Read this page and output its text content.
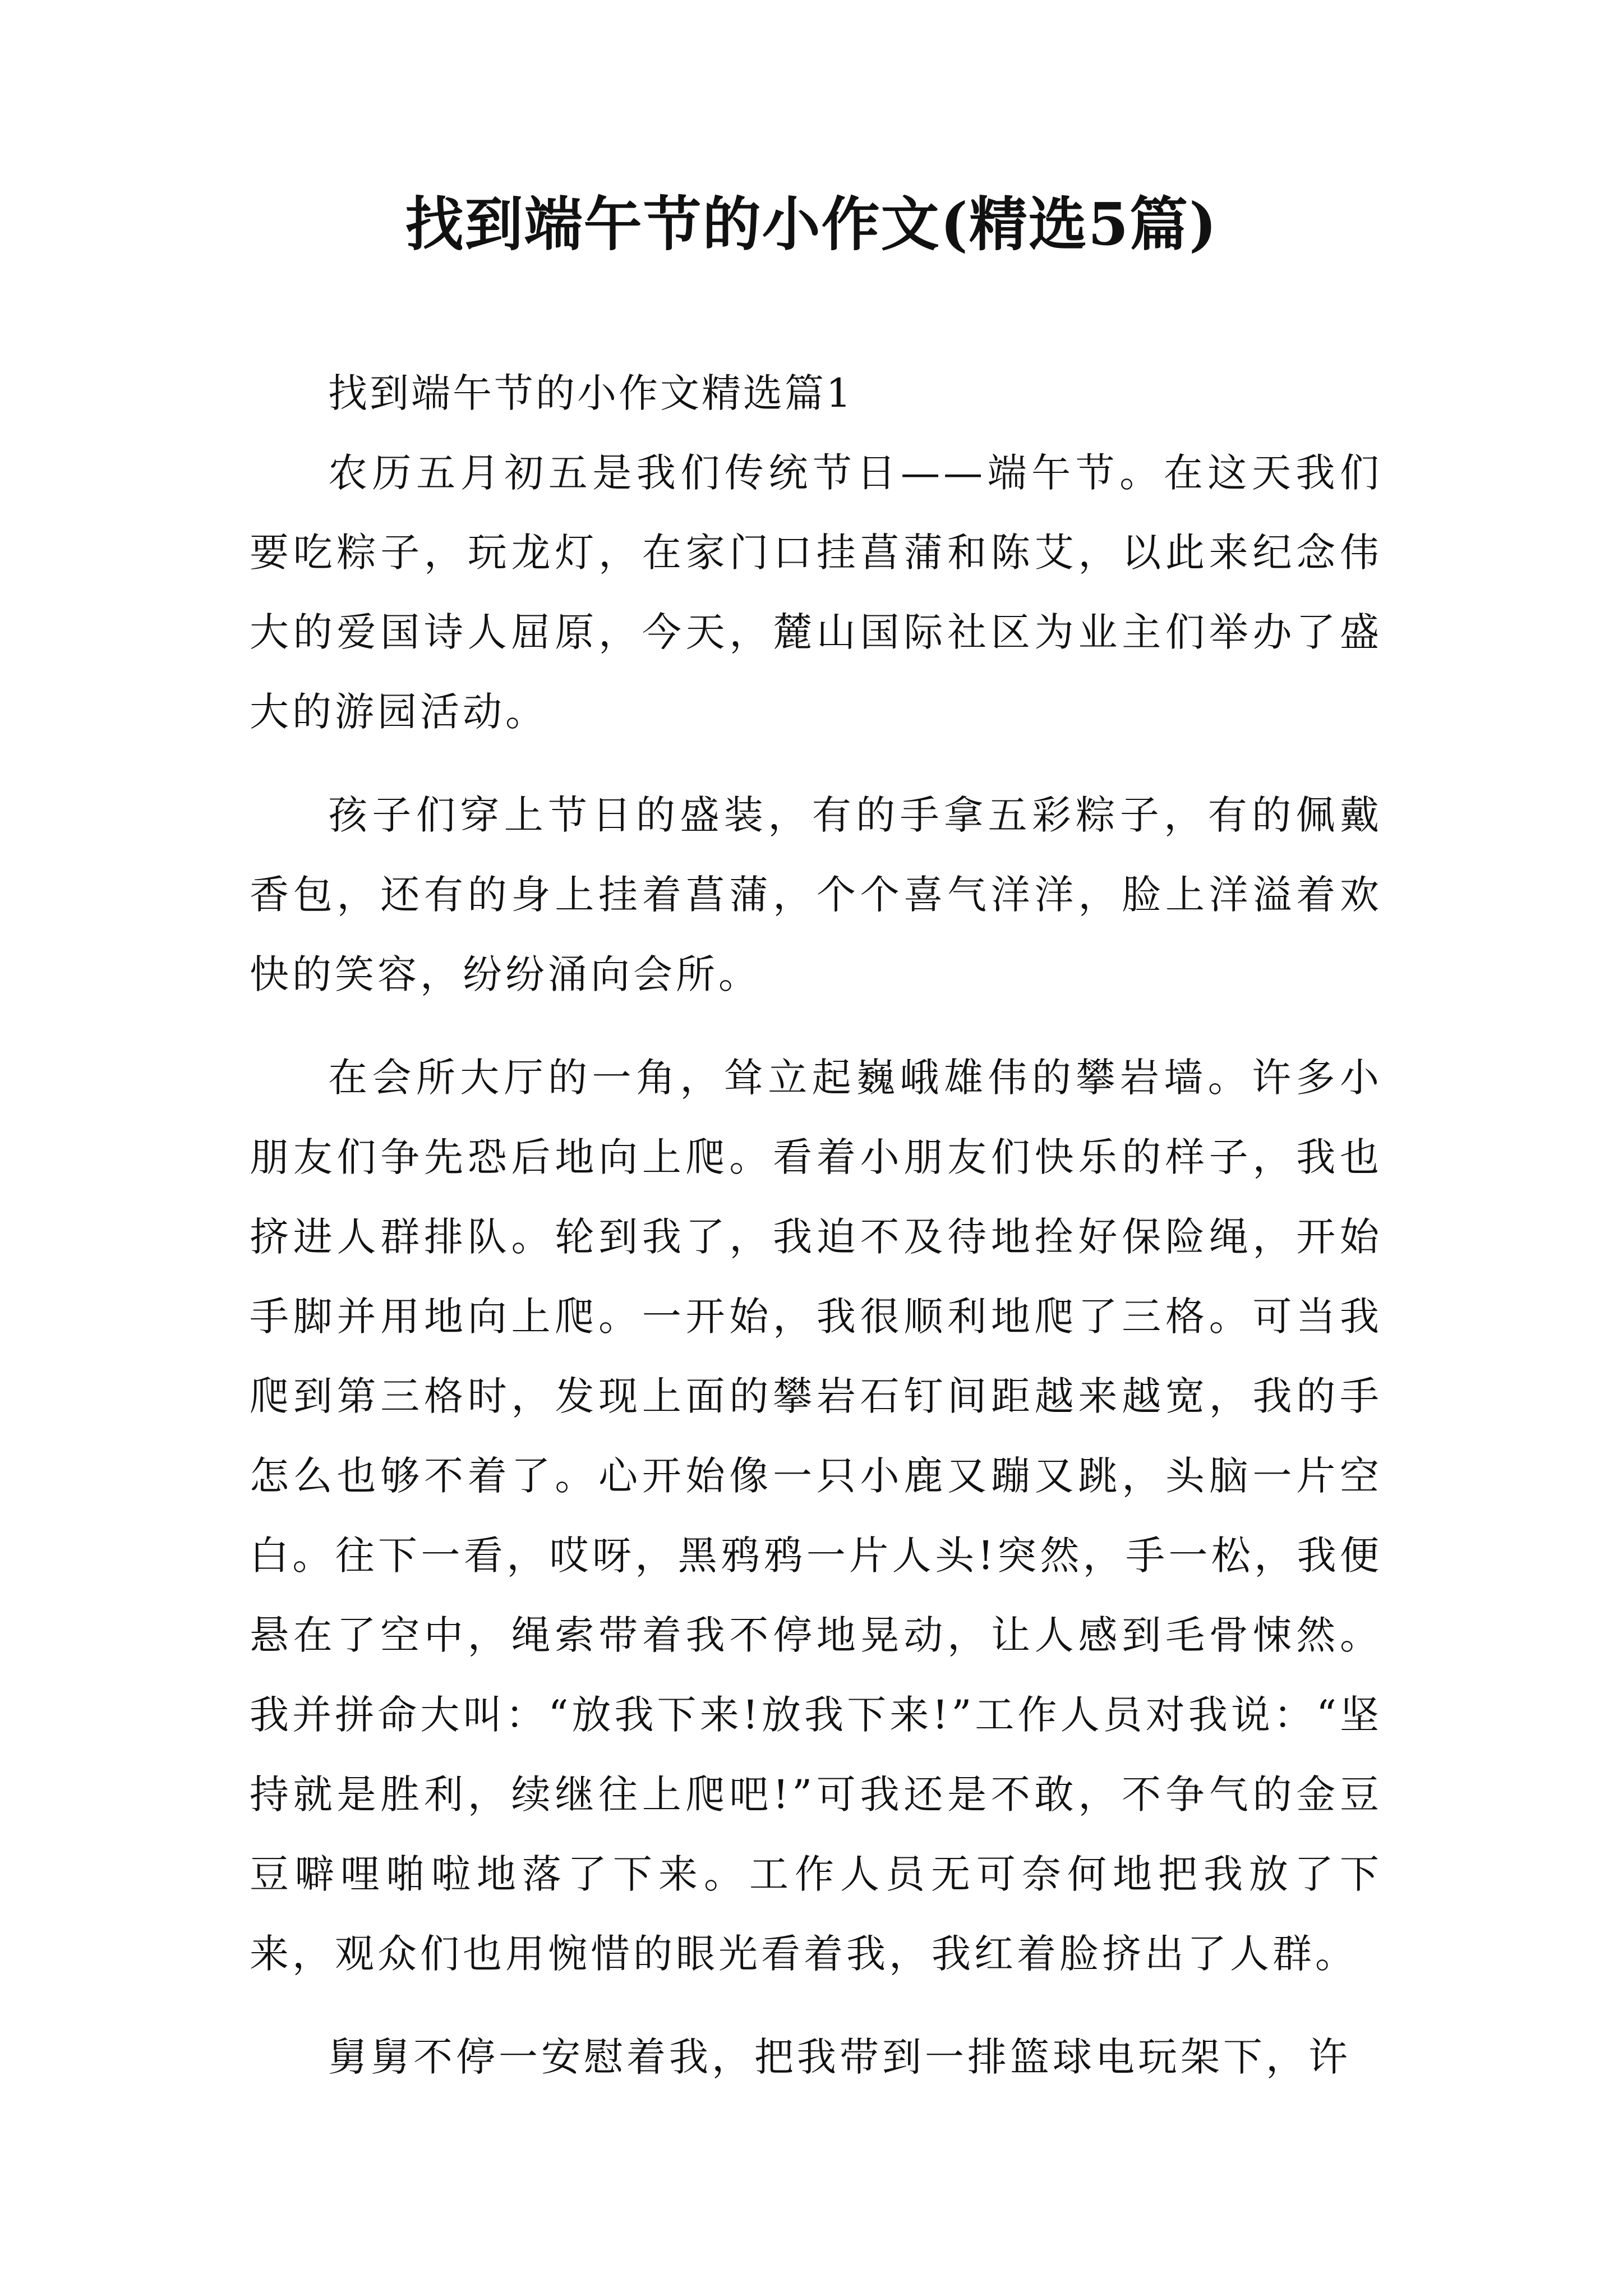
找到端午节的小作文(精选5篇)

找到端午节的小作文精选篇1

农历五月初五是我们传统节日——端午节。在这天我们要吃粽子，玩龙灯，在家门口挂菖蒲和陈艾，以此来纪念伟大的爱国诗人屈原，今天，麓山国际社区为业主们举办了盛大的游园活动。

孩子们穿上节日的盛装，有的手拿五彩粽子，有的佩戴香包，还有的身上挂着菖蒲，个个喜气洋洋，脸上洋溢着欢快的笑容，纷纷涌向会所。

在会所大厅的一角，耸立起巍峨雄伟的攀岩墙。许多小朋友们争先恐后地向上爬。看着小朋友们快乐的样子，我也挤进人群排队。轮到我了，我迫不及待地拴好保险绳，开始手脚并用地向上爬。一开始，我很顺利地爬了三格。可当我爬到第三格时，发现上面的攀岩石钉间距越来越宽，我的手怎么也够不着了。心开始像一只小鹿又蹦又跳，头脑一片空白。往下一看，哎呀，黑鸦鸦一片人头!突然，手一松，我便悬在了空中，绳索带着我不停地晃动，让人感到毛骨悚然。我并拼命大叫：“放我下来!放我下来!”工作人员对我说：“坚持就是胜利，续继往上爬吧!”可我还是不敢，不争气的金豆豆噼哩啪啦地落了下来。工作人员无可奈何地把我放了下来，观众们也用惋惜的眼光看着我，我红着脸挤出了人群。

舅舅不停一安慰着我，把我带到一排篮球电玩架下，许
